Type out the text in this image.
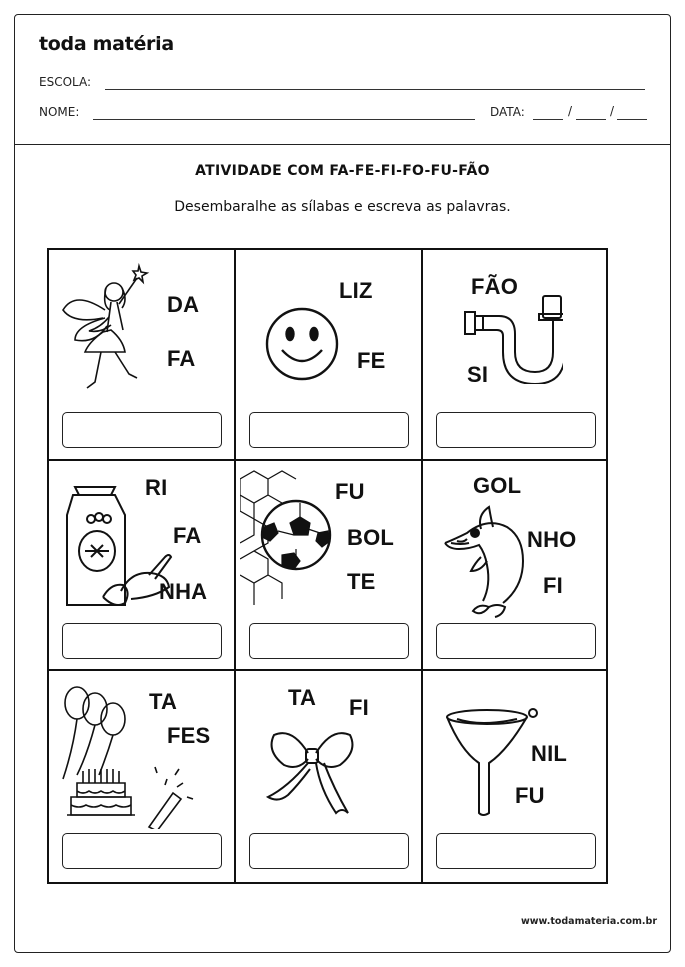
toda matéria
ESCOLA:
NOME:	DATA:	/	/
ATIVIDADE COM FA-FE-FI-FO-FU-FÃO
Desembaralhe as sílabas e escreva as palavras.
DA
FA
LIZ
FE
FÃO
SI
RI
FA
NHA
FU
BOL
TE
GOL
NHO
FI
TA
FES
TA FI
NIL
FU
www.todamateria.com.br
